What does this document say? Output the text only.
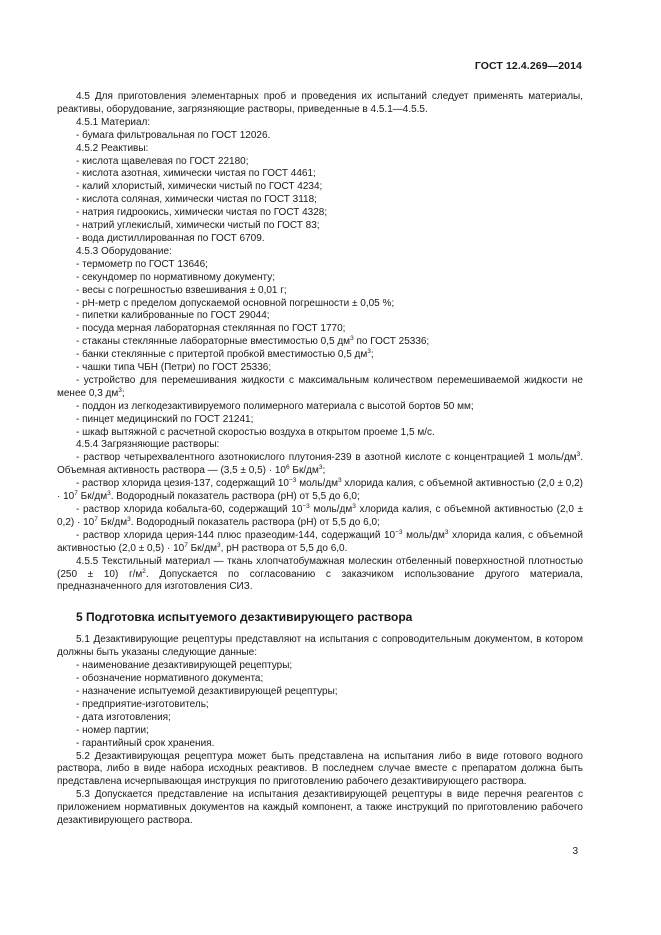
ГОСТ 12.4.269—2014

4.5 Для приготовления элементарных проб и проведения их испытаний следует применять материалы, реактивы, оборудование, загрязняющие растворы, приведенные в 4.5.1—4.5.5.

4.5.1 Материал:

- бумага фильтровальная по ГОСТ 12026.

4.5.2 Реактивы:

- кислота щавелевая по ГОСТ 22180;

- кислота азотная, химически чистая по ГОСТ 4461;

- калий хлористый, химически чистый по ГОСТ 4234;

- кислота соляная, химически чистая по ГОСТ 3118;

- натрия гидроокись, химически чистая по ГОСТ 4328;

- натрий углекислый, химически чистый по ГОСТ 83;

- вода дистиллированная по ГОСТ 6709.

4.5.3 Оборудование:

- термометр по ГОСТ 13646;

- секундомер по нормативному документу;

- весы с погрешностью взвешивания ± 0,01 г;

- рН-метр с пределом допускаемой основной погрешности ± 0,05 %;

- пипетки калиброванные по ГОСТ 29044;

- посуда мерная лабораторная стеклянная по ГОСТ 1770;

- стаканы стеклянные лабораторные вместимостью 0,5 $дм^3$ по ГОСТ 25336;

- банки стеклянные с притертой пробкой вместимостью 0,5 $дм^3$;

- чашки типа ЧБН (Петри) по ГОСТ 25336;

- устройство для перемешивания жидкости с максимальным количеством перемешиваемой жидкости не менее 0,3 $дм^3$;

- поддон из легкодезактивируемого полимерного материала с высотой бортов 50 мм;

- пинцет медицинский по ГОСТ 21241;

- шкаф вытяжной с расчетной скоростью воздуха в открытом проеме 1,5 м/с.

4.5.4 Загрязняющие растворы:

- раствор четырехвалентного азотнокислого плутония-239 в азотной кислоте с концентрацией 1 моль/$дм^3$. Объемная активность раствора — $(3,5 \pm 0,5) \cdot 10^6$ $Бк/дм^3$;

- раствор хлорида цезия-137, содержащий $10^{-3}$ моль/$дм^3$ хлорида калия, с объемной активностью $(2,0 \pm 0,2) \cdot 10^7$ $Бк/дм^3$. Водородный показатель раствора (рН) от 5,5 до 6,0;

- раствор хлорида кобальта-60, содержащий $10^{-3}$ моль/$дм^3$ хлорида калия, с объемной активностью $(2,0 \pm 0,2) \cdot 10^7$ $Бк/дм^3$. Водородный показатель раствора (рН) от 5,5 до 6,0;

- раствор хлорида церия-144 плюс празеодим-144, содержащий $10^{-3}$ моль/$дм^3$ хлорида калия, с объемной активностью $(2,0 \pm 0,5) \cdot 10^7$ $Бк/дм^3$, рН раствора от 5,5 до 6,0.

4.5.5 Текстильный материал — ткань хлопчатобумажная молескин отбеленный поверхностной плотностью (250 ± 10) $г/м^2$. Допускается по согласованию с заказчиком использование другого материала, предназначенного для изготовления СИЗ.

5 Подготовка испытуемого дезактивирующего раствора

5.1 Дезактивирующие рецептуры представляют на испытания с сопроводительным документом, в котором должны быть указаны следующие данные:

- наименование дезактивирующей рецептуры;

- обозначение нормативного документа;

- назначение испытуемой дезактивирующей рецептуры;

- предприятие-изготовитель;

- дата изготовления;

- номер партии;

- гарантийный срок хранения.

5.2 Дезактивирующая рецептура может быть представлена на испытания либо в виде готового водного раствора, либо в виде набора исходных реактивов. В последнем случае вместе с препаратом должна быть представлена исчерпывающая инструкция по приготовлению рабочего дезактивирующего раствора.

5.3 Допускается представление на испытания дезактивирующей рецептуры в виде перечня реагентов с приложением нормативных документов на каждый компонент, а также инструкций по приготовлению рабочего дезактивирующего раствора.

3
